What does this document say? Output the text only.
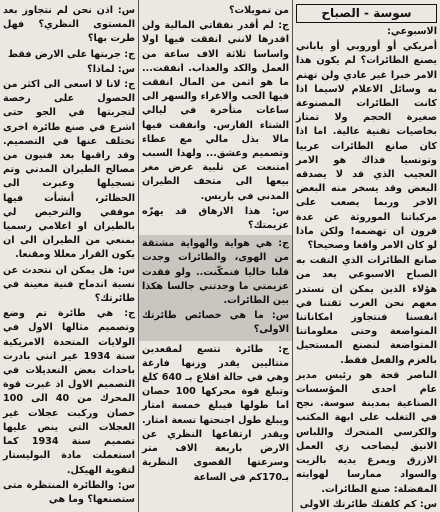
سوسة - الصباح

الاسبوعي:

أمريكي أو أوروبي أو ياباني يصنع الطائرات؟ لم يكون هذا الامر خبرا غير عادي ولن تهتم به وسائل الاعلام لاسيما اذا كانت الطائرات المصنوعة صغيرة الحجم ولا تمتاز بخاصيات تقنية عالية. اما اذا كان صانع الطائرات عربيا وتونسيا فذاك هو الامر العجيب الذي قد لا يصدقه البعض وقد يسخر منه البعض الاخر وربما يصعب على مركباتنا الموروثة عن عدة قرون ان تهضمه! ولكن ماذا لو كان الامر واقعا وصحيحا؟

صانع الطائرات الذي التقت به الصباح الاسبوعي يعد من هؤلاء الذين يمكن ان نستدر معهم نحن العرب ثقتنا في انفسنا فنتجاوز امكاناتنا المتواضعة وحتى معلوماتنا المتواضعة لنصنع المستحيل بالعزم والفعل فقط.

الناصر قحة هو رئيس مدير عام احدى المؤسسات الصناعية بمدينة سوسة. نجح في التغلب على ابهة المكتب والكرسي المتحرك واللباس الانيق ليصاحب زي العمل الازرق ويمرغ يديه بالزيت والسواد ممارسا لهوايته المفضلة: صنع الطائرات.

س: كم كلفتك طائرتك الاولى

من تمويلات؟

ج: لم أقدر نفقاتي المالية ولن اقدرها لانني انفقت فيها اولا واساسا ثلاثة الاف ساعة من العمل والكد والعذاب. انفقت... ما هو اثمن من المال انفقت فيها الحب والاغراء والسهر الى ساعات متأخرة في ليالي الشتاء القارس. وانفقت فيها مالا بذل مالي مع عطاء وتصميم وعشق... ولهذا السبب امتنعت عن تلبية عرض مغر بيعها الى متحف الطيران المدني في باريس.

س: هذا الارهاق قد يهزّه عزيمتك؟

ج: هي هواية والهواية مشتقة من الهوى، والطائرات وجدت قلبا خاليا فتمكّنت.. ولو فقدت عزيمتي ما وجدتني جالسا هكذا بين الطائرات.

س: ما هي خصائص طائرتك الاولى؟

ج: طائرة تتسع لمقعدين متتاليين يقدر وزنها فارغة وهي في حالة اقلاع بـ 640 كلغ وتبلغ قوة محركها 100 حصان اما طولها فيبلغ خمسة امتار ويبلغ طول اجنحتها تسعة امتار. ويقدر ارتفاعها النظري عن الارض باربعة الاف متر وسرعتها القصوى النظرية بـ170كم في الساعة

س: اذن نحن لم نتجاوز بعد المستوى النظري؟ فهل طرت بها؟

ج: جربتها على الارض فقط

س: لماذا؟

ج: لانا لا اسعى الى اكثر من الحصول على رخصة لتجربتها في الجو حتى اشرع في صنع طائرة اخرى تختلف عنها في التصميم. وقد راقبها بعد فنيون من مصالح الطيران المدني وتم تسجيلها وعبرت الى الحظائر، أنشأت فيها موقفي والترخيص لي بالطيران او اعلامي رسميا بمنعي من الطيران الى ان يكون القرار معللا ومقنعا.

س: هل يمكن ان نتحدث عن نسبة اندماج فنية معينة في طائرتك؟

ج: هي طائرة تم وضع وتصميم مثالها الاول في الولايات المتحدة الامريكية سنة 1934 غير انني بادرت باحداث بعض التعديلات في التصميم الاول اذ غيرت قوة المحرك من 40 الى 100 حصان وركبت عجلات غير العجلات التي ينص عليها تصميم سنة 1934 كما استعملت مادة البوليستار لتقوية الهيكل.

س: والطائرة المنتظرة متى ستصنعها؟ وما هي
